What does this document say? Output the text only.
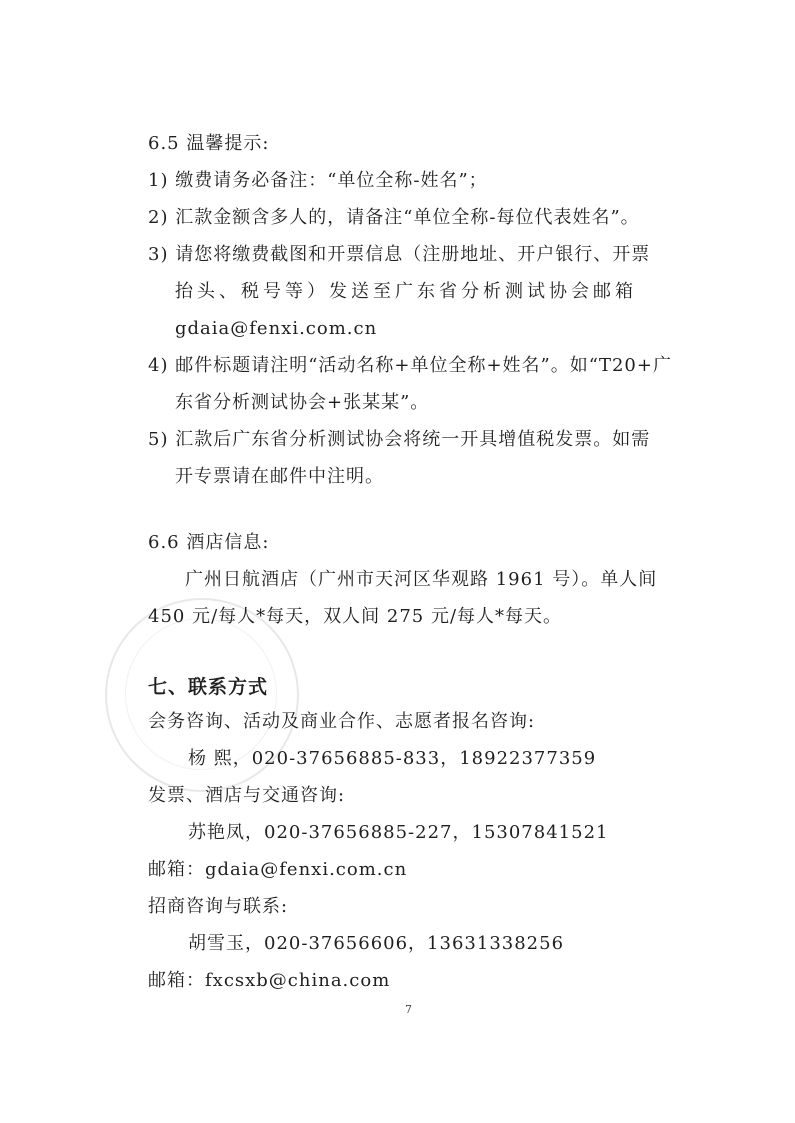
6.5 温馨提示:
1) 缴费请务必备注：“单位全称-姓名”；
2) 汇款金额含多人的，请备注“单位全称-每位代表姓名”。
3) 请您将缴费截图和开票信息（注册地址、开户银行、开票
抬头、税号等）发送至广东省分析测试协会邮箱
gdaia@fenxi.com.cn
4) 邮件标题请注明“活动名称+单位全称+姓名”。如“T20+广
东省分析测试协会+张某某”。
5) 汇款后广东省分析测试协会将统一开具增值税发票。如需
开专票请在邮件中注明。
6.6 酒店信息:
广州日航酒店（广州市天河区华观路 1961 号）。单人间
450 元/每人*每天，双人间 275 元/每人*每天。
七、联系方式
会务咨询、活动及商业合作、志愿者报名咨询:
杨 熙，020-37656885-833，18922377359
发票、酒店与交通咨询:
苏艳凤，020-37656885-227，15307841521
邮箱：gdaia@fenxi.com.cn
招商咨询与联系:
胡雪玉，020-37656606，13631338256
邮箱：fxcsxb@china.com
7
